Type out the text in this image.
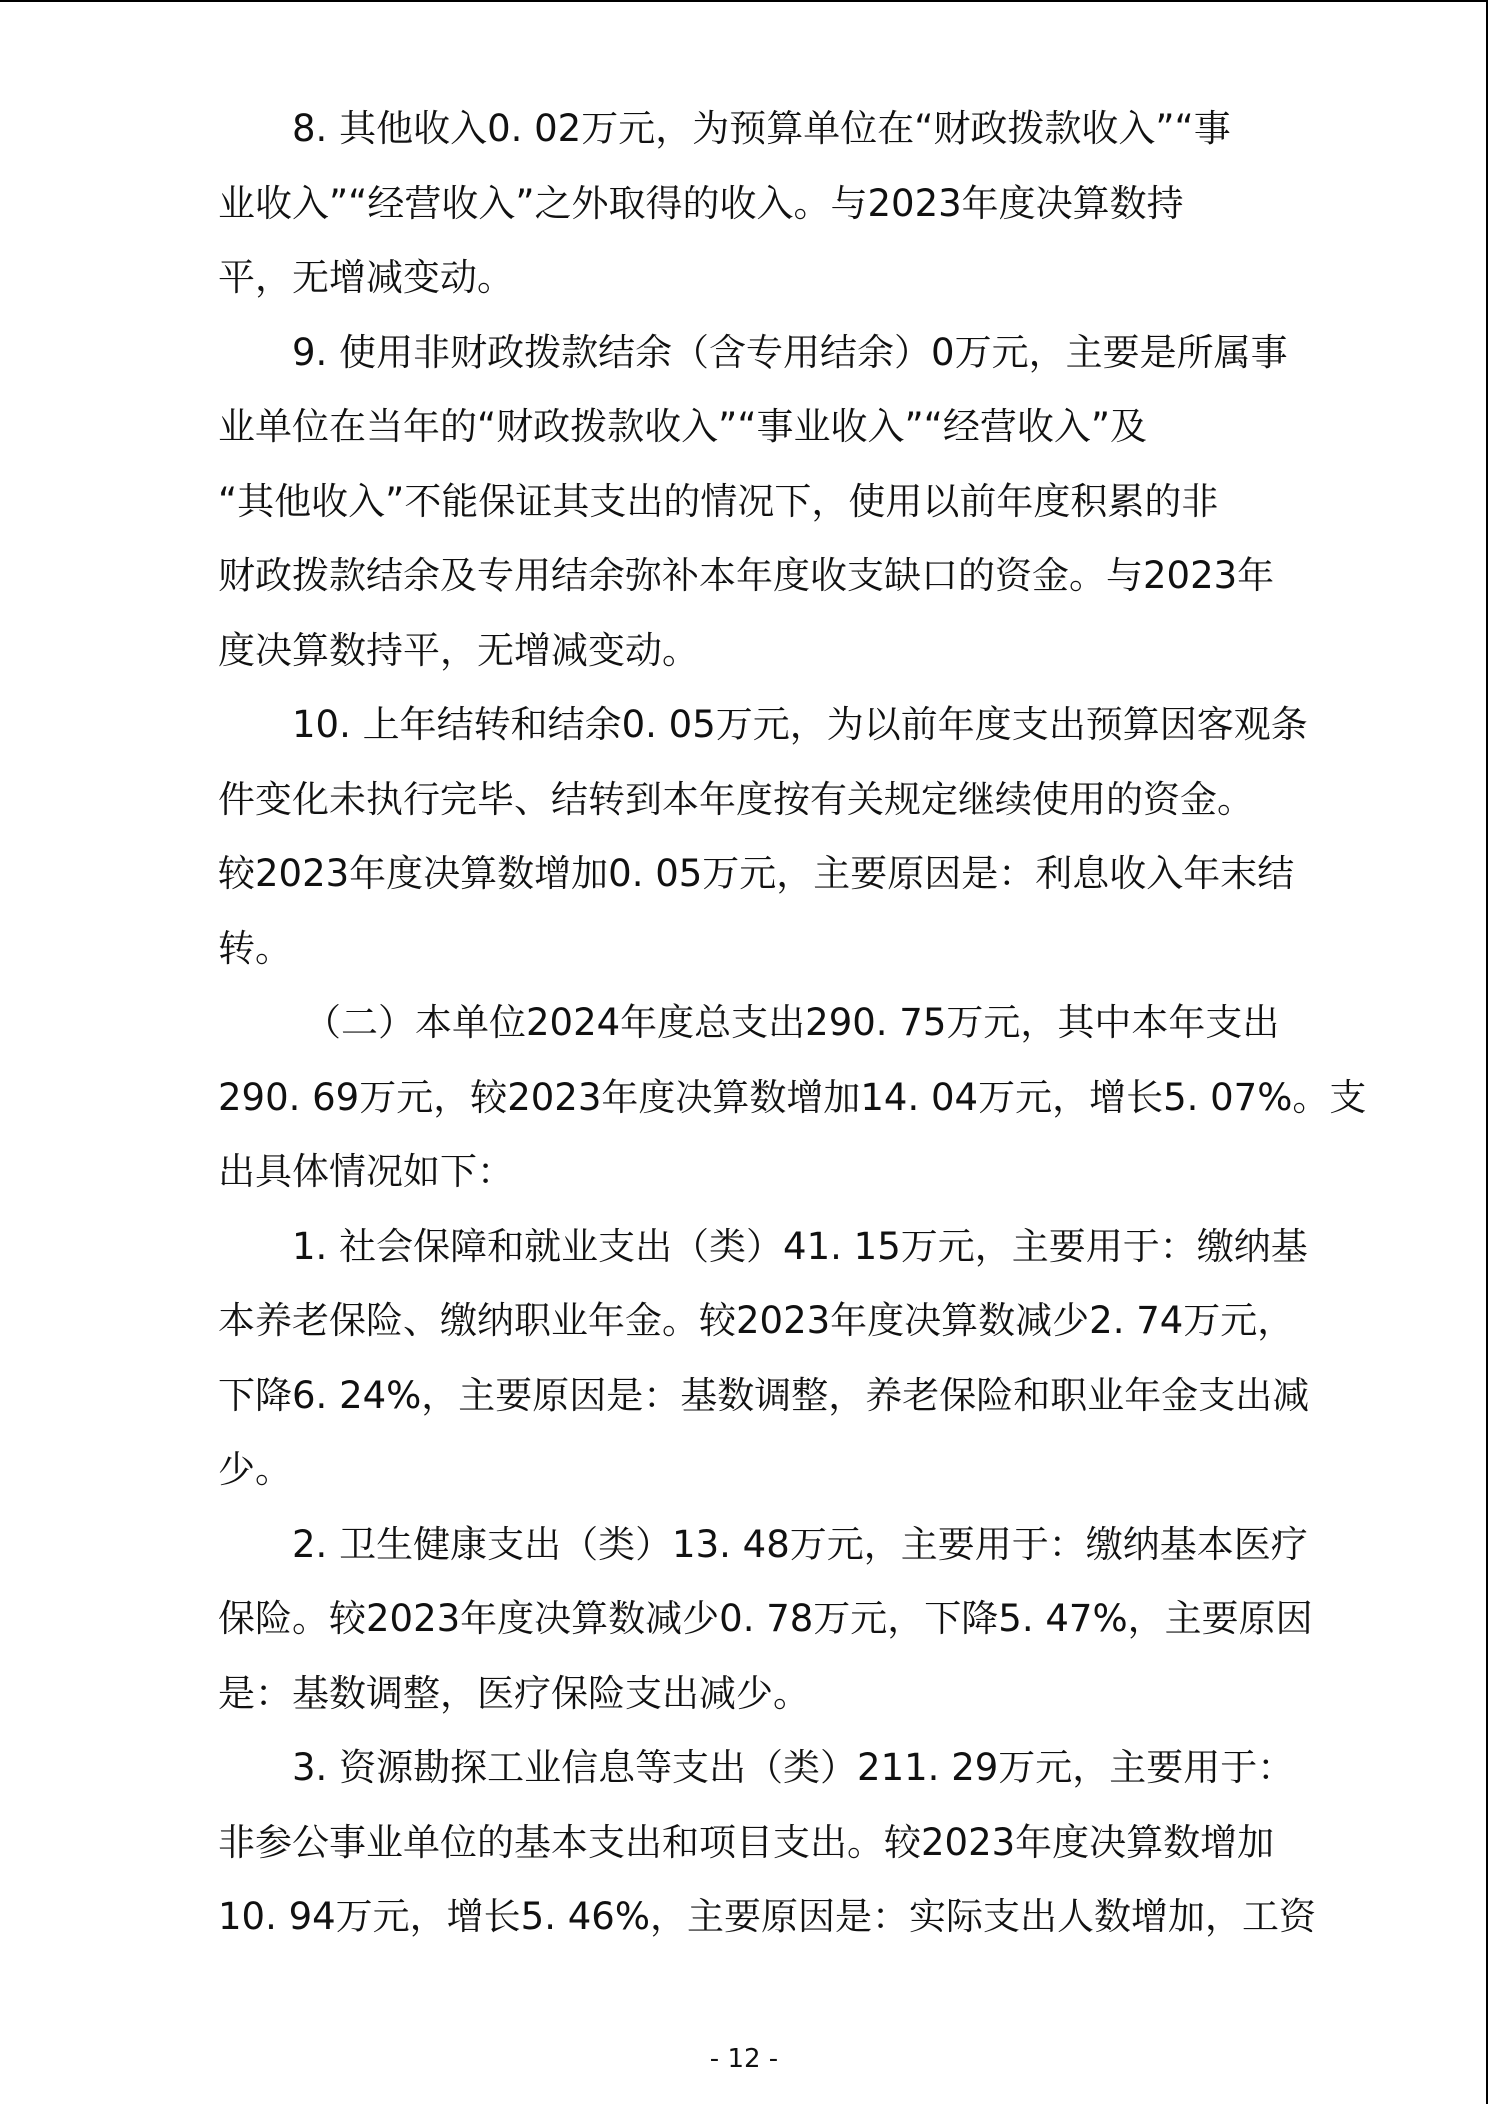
8. 其他收入0. 02万元，为预算单位在“财政拨款收入”“事
业收入”“经营收入”之外取得的收入。与2023年度决算数持
平，无增减变动。

9. 使用非财政拨款结余（含专用结余）0万元，主要是所属事
业单位在当年的“财政拨款收入”“事业收入”“经营收入”及
“其他收入”不能保证其支出的情况下，使用以前年度积累的非
财政拨款结余及专用结余弥补本年度收支缺口的资金。与2023年
度决算数持平，无增减变动。

10. 上年结转和结余0. 05万元，为以前年度支出预算因客观条
件变化未执行完毕、结转到本年度按有关规定继续使用的资金。
较2023年度决算数增加0. 05万元，主要原因是：利息收入年末结
转。

（二）本单位2024年度总支出290. 75万元，其中本年支出
290. 69万元，较2023年度决算数增加14. 04万元，增长5. 07%。支
出具体情况如下：

1. 社会保障和就业支出（类）41. 15万元，主要用于：缴纳基
本养老保险、缴纳职业年金。较2023年度决算数减少2. 74万元，
下降6. 24%，主要原因是：基数调整，养老保险和职业年金支出减
少。

2. 卫生健康支出（类）13. 48万元，主要用于：缴纳基本医疗
保险。较2023年度决算数减少0. 78万元，下降5. 47%，主要原因
是：基数调整，医疗保险支出减少。

3. 资源勘探工业信息等支出（类）211. 29万元，主要用于：
非参公事业单位的基本支出和项目支出。较2023年度决算数增加
10. 94万元，增长5. 46%，主要原因是：实际支出人数增加，工资

- 12 -
